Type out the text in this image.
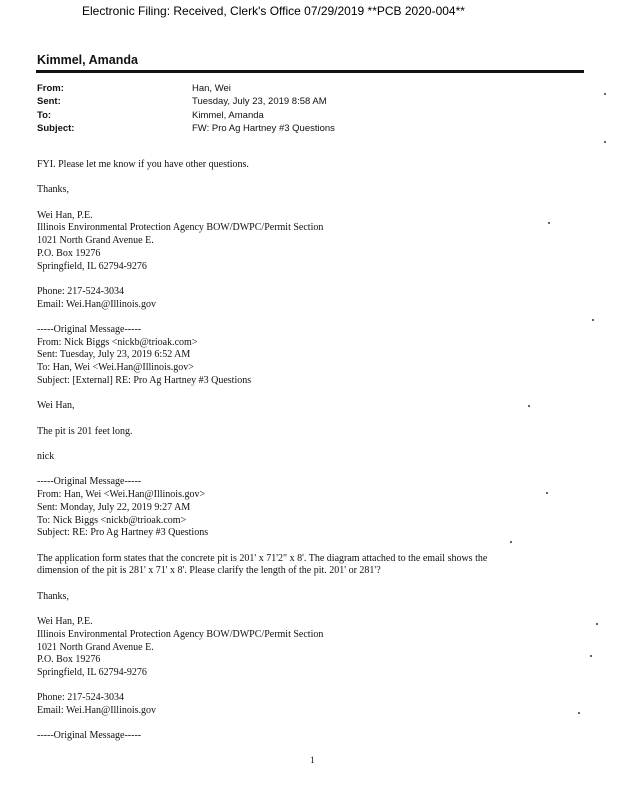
Electronic Filing: Received, Clerk's Office 07/29/2019 **PCB 2020-004**
Kimmel, Amanda
From:	Han, Wei
Sent:	Tuesday, July 23, 2019 8:58 AM
To:	Kimmel, Amanda
Subject:	FW: Pro Ag Hartney #3 Questions
FYI. Please let me know if you have other questions.
Thanks,
Wei Han, P.E.
Illinois Environmental Protection Agency BOW/DWPC/Permit Section
1021 North Grand Avenue E.
P.O. Box 19276
Springfield, IL 62794-9276
Phone: 217-524-3034
Email: Wei.Han@Illinois.gov
-----Original Message-----
From: Nick Biggs <nickb@trioak.com>
Sent: Tuesday, July 23, 2019 6:52 AM
To: Han, Wei <Wei.Han@Illinois.gov>
Subject: [External] RE: Pro Ag Hartney #3 Questions
Wei Han,
The pit is 201 feet long.
nick
-----Original Message-----
From: Han, Wei <Wei.Han@Illinois.gov>
Sent: Monday, July 22, 2019 9:27 AM
To: Nick Biggs <nickb@trioak.com>
Subject: RE: Pro Ag Hartney #3 Questions
The application form states that the concrete pit is 201' x 71'2" x 8'. The diagram attached to the email shows the
dimension of the pit is 281' x 71' x 8'. Please clarify the length of the pit. 201' or 281'?
Thanks,
Wei Han, P.E.
Illinois Environmental Protection Agency BOW/DWPC/Permit Section
1021 North Grand Avenue E.
P.O. Box 19276
Springfield, IL 62794-9276
Phone: 217-524-3034
Email: Wei.Han@Illinois.gov
-----Original Message-----
1
